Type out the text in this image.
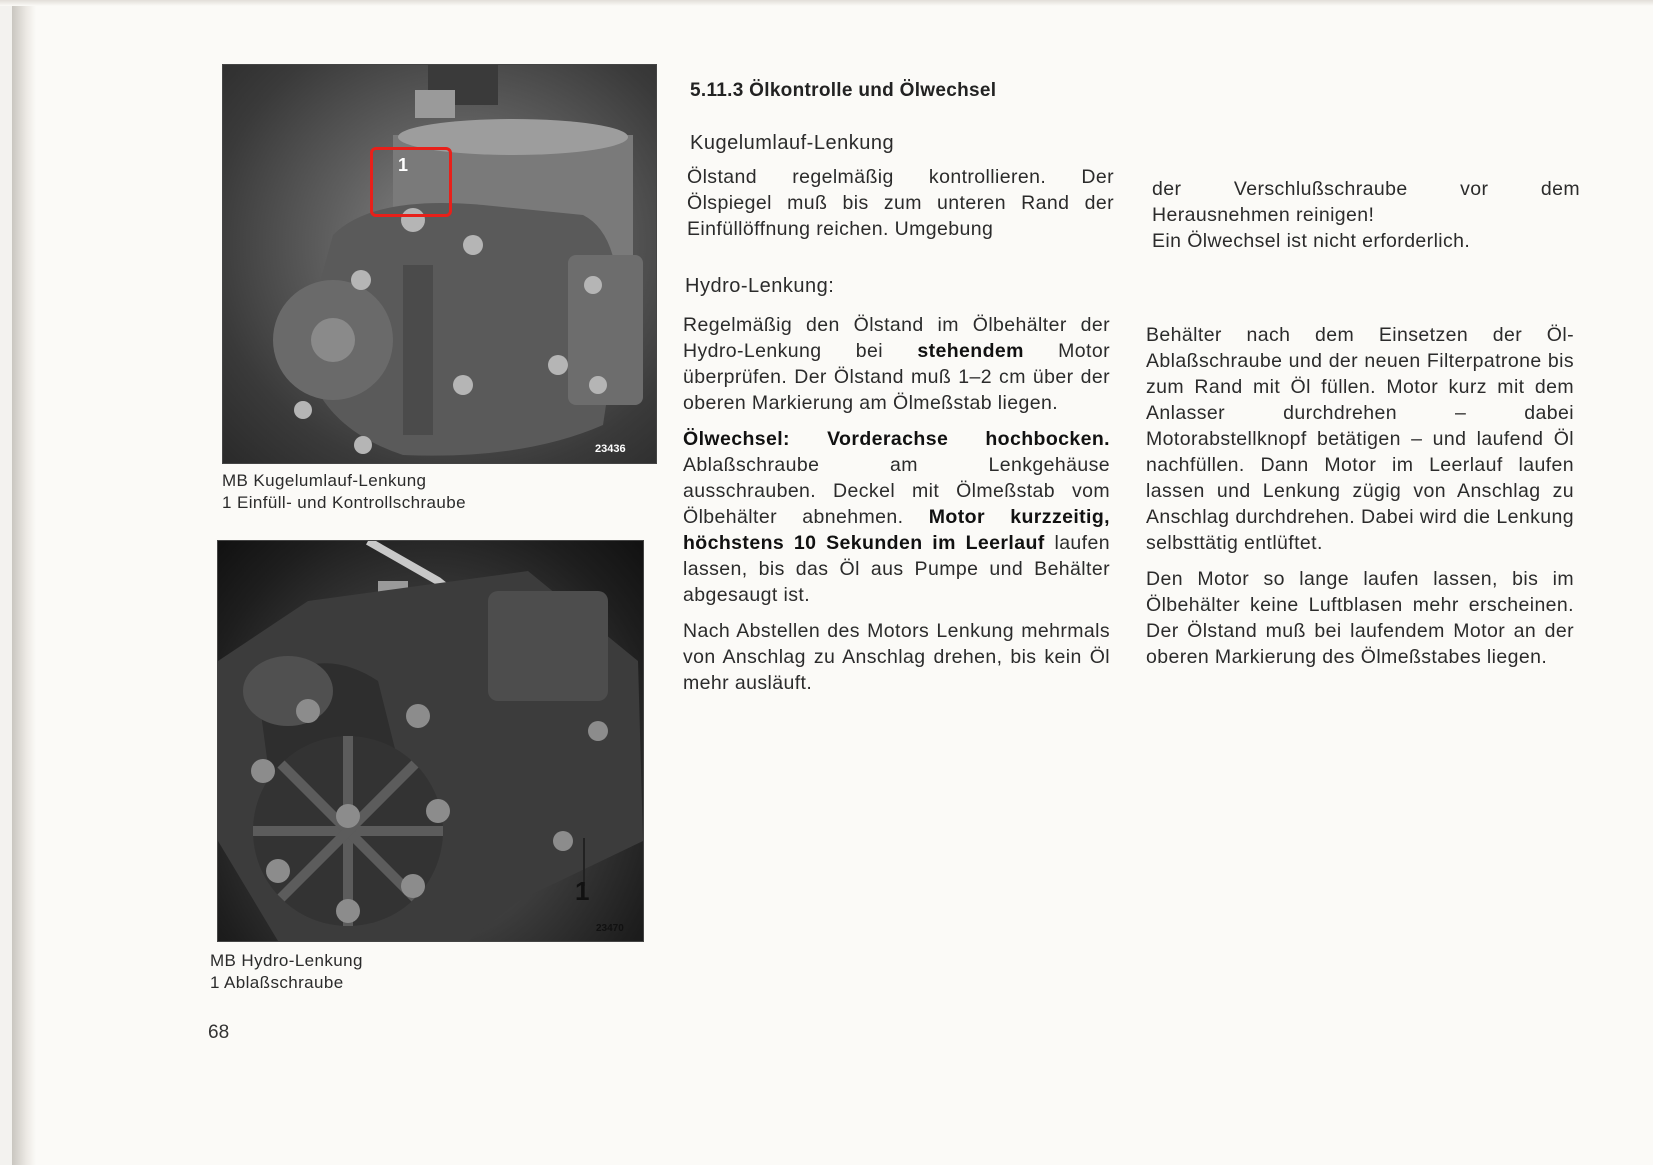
23436
1
MB Kugelumlauf-Lenkung
1 Einfüll- und Kontrollschraube
23470
1
MB Hydro-Lenkung
1 Ablaßschraube
5.11.3 Ölkontrolle und Ölwechsel
Kugelumlauf-Lenkung

Ölstand regelmäßig kontrollieren. Der Ölspiegel muß bis zum unteren Rand der Einfüllöffnung reichen. Umgebung

Hydro-Lenkung:

Regelmäßig den Ölstand im Ölbehälter der Hydro-Lenkung bei stehendem Motor überprüfen. Der Ölstand muß 1–2 cm über der oberen Markierung am Ölmeßstab liegen.

Ölwechsel: Vorderachse hochbocken. Ablaßschraube am Lenkgehäuse ausschrauben. Deckel mit Ölmeßstab vom Ölbehälter abnehmen. Motor kurzzeitig, höchstens 10 Sekunden im Leerlauf laufen lassen, bis das Öl aus Pumpe und Behälter abgesaugt ist.

Nach Abstellen des Motors Lenkung mehrmals von Anschlag zu Anschlag drehen, bis kein Öl mehr ausläuft.

der Verschlußschraube vor dem Herausnehmen reinigen!

Ein Ölwechsel ist nicht erforderlich.

Behälter nach dem Einsetzen der Öl-Ablaßschraube und der neuen Filterpatrone bis zum Rand mit Öl füllen. Motor kurz mit dem Anlasser durchdrehen – dabei Motorabstellknopf betätigen – und laufend Öl nachfüllen. Dann Motor im Leerlauf laufen lassen und Lenkung zügig von Anschlag zu Anschlag durchdrehen. Dabei wird die Lenkung selbsttätig entlüftet.

Den Motor so lange laufen lassen, bis im Ölbehälter keine Luftblasen mehr erscheinen. Der Ölstand muß bei laufendem Motor an der oberen Markierung des Ölmeßstabes liegen.

68
